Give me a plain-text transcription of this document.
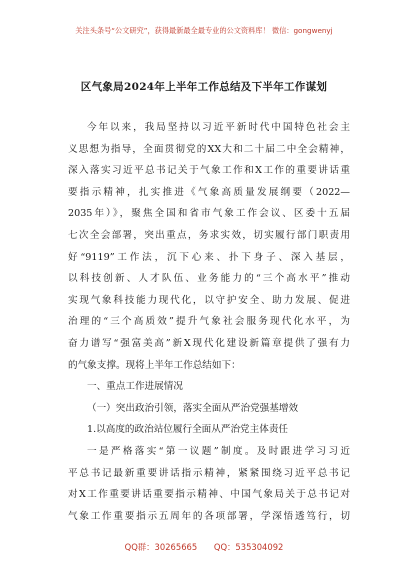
关注头条号“公文研究”，获得最新最全最专业的公文资料库！ 微信：gongwenyj
区气象局2024年上半年工作总结及下半年工作谋划
今年以来，我局坚持以习近平新时代中国特色社会主
义思想为指导，全面贯彻党的XX大和二十届二中全会精神，
深入落实习近平总书记关于气象工作和X工作的重要讲话重
要指示精神，扎实推进《气象高质量发展纲要（2022—
2035年）》，聚焦全国和省市气象工作会议、区委十五届
七次全会部署，突出重点，务求实效，切实履行部门职责用
好“9119”工作法，沉下心来、扑下身子、深入基层，
以科技创新、人才队伍、业务能力的“三个高水平”推动
实现气象科技能力现代化，以守护安全、助力发展、促进
治理的“三个高质效”提升气象社会服务现代化水平，为
奋力谱写“强富美高”新X现代化建设新篇章提供了强有力
的气象支撑。现将上半年工作总结如下：
一、重点工作进展情况
（一）突出政治引领，落实全面从严治党强基增效
1.以高度的政治站位履行全面从严治党主体责任
一是严格落实“第一议题”制度。及时跟进学习习近
平总书记最新重要讲话指示精神，紧紧围绕习近平总书记
对X工作重要讲话重要指示精神、中国气象局关于总书记对
气象工作重要指示五周年的各项部署，学深悟透笃行，切
QQ群：30265665 QQ：535304092
